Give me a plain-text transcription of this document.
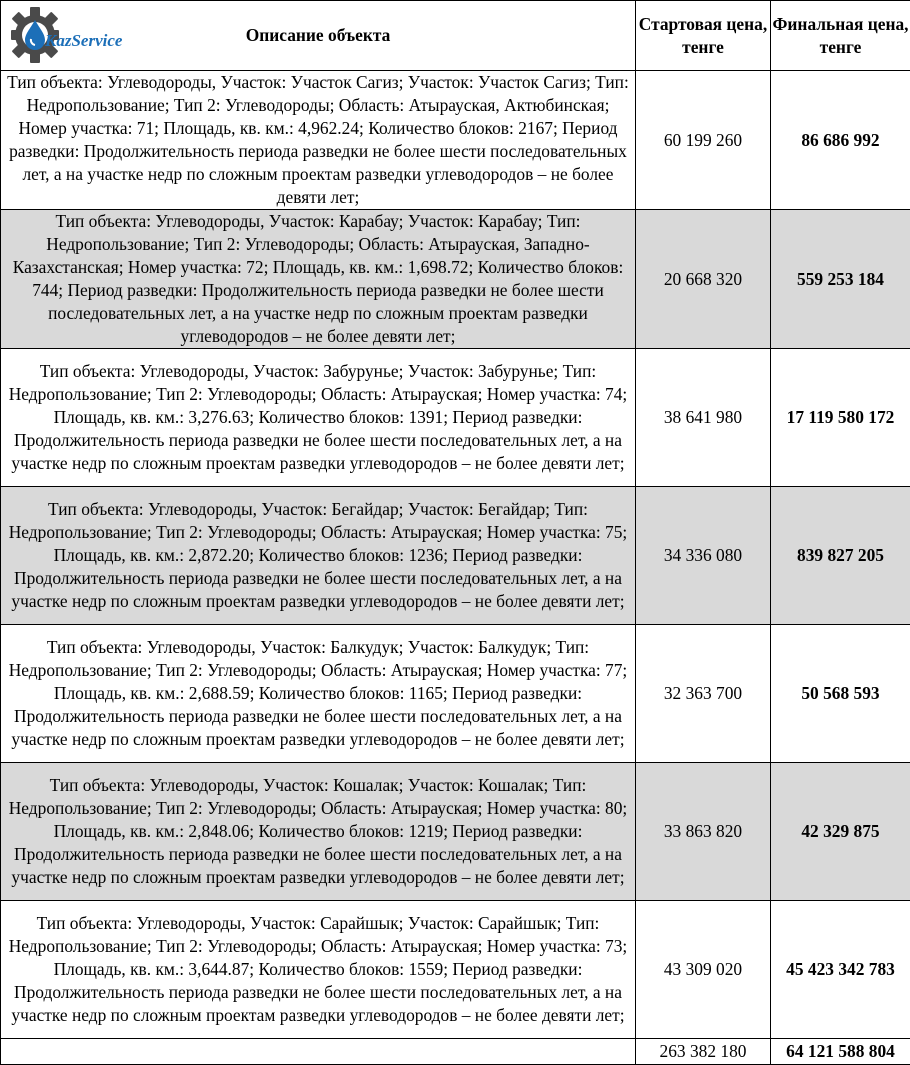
KazService Описание объекта	Стартовая цена, тенге	Финальная цена, тенге
Тип объекта: Углеводороды, Участок: Участок Сагиз; Участок: Участок Сагиз; Тип: Недропользование; Тип 2: Углеводороды; Область: Атырауская, Актюбинская; Номер участка: 71; Площадь, кв. км.: 4,962.24; Количество блоков: 2167; Период разведки: Продолжительность периода разведки не более шести последовательных лет, а на участке недр по сложным проектам разведки углеводородов – не более девяти лет;	60 199 260	86 686 992
Тип объекта: Углеводороды, Участок: Карабау; Участок: Карабау; Тип: Недропользование; Тип 2: Углеводороды; Область: Атырауская, Западно-Казахстанская; Номер участка: 72; Площадь, кв. км.: 1,698.72; Количество блоков: 744; Период разведки: Продолжительность периода разведки не более шести последовательных лет, а на участке недр по сложным проектам разведки углеводородов – не более девяти лет;	20 668 320	559 253 184
Тип объекта: Углеводороды, Участок: Забурунье; Участок: Забурунье; Тип: Недропользование; Тип 2: Углеводороды; Область: Атырауская; Номер участка: 74; Площадь, кв. км.: 3,276.63; Количество блоков: 1391; Период разведки: Продолжительность периода разведки не более шести последовательных лет, а на участке недр по сложным проектам разведки углеводородов – не более девяти лет;	38 641 980	17 119 580 172
Тип объекта: Углеводороды, Участок: Бегайдар; Участок: Бегайдар; Тип: Недропользование; Тип 2: Углеводороды; Область: Атырауская; Номер участка: 75; Площадь, кв. км.: 2,872.20; Количество блоков: 1236; Период разведки: Продолжительность периода разведки не более шести последовательных лет, а на участке недр по сложным проектам разведки углеводородов – не более девяти лет;	34 336 080	839 827 205
Тип объекта: Углеводороды, Участок: Балкудук; Участок: Балкудук; Тип: Недропользование; Тип 2: Углеводороды; Область: Атырауская; Номер участка: 77; Площадь, кв. км.: 2,688.59; Количество блоков: 1165; Период разведки: Продолжительность периода разведки не более шести последовательных лет, а на участке недр по сложным проектам разведки углеводородов – не более девяти лет;	32 363 700	50 568 593
Тип объекта: Углеводороды, Участок: Кошалак; Участок: Кошалак; Тип: Недропользование; Тип 2: Углеводороды; Область: Атырауская; Номер участка: 80; Площадь, кв. км.: 2,848.06; Количество блоков: 1219; Период разведки: Продолжительность периода разведки не более шести последовательных лет, а на участке недр по сложным проектам разведки углеводородов – не более девяти лет;	33 863 820	42 329 875
Тип объекта: Углеводороды, Участок: Сарайшык; Участок: Сарайшык; Тип: Недропользование; Тип 2: Углеводороды; Область: Атырауская; Номер участка: 73; Площадь, кв. км.: 3,644.87; Количество блоков: 1559; Период разведки: Продолжительность периода разведки не более шести последовательных лет, а на участке недр по сложным проектам разведки углеводородов – не более девяти лет;	43 309 020	45 423 342 783
	263 382 180	64 121 588 804
